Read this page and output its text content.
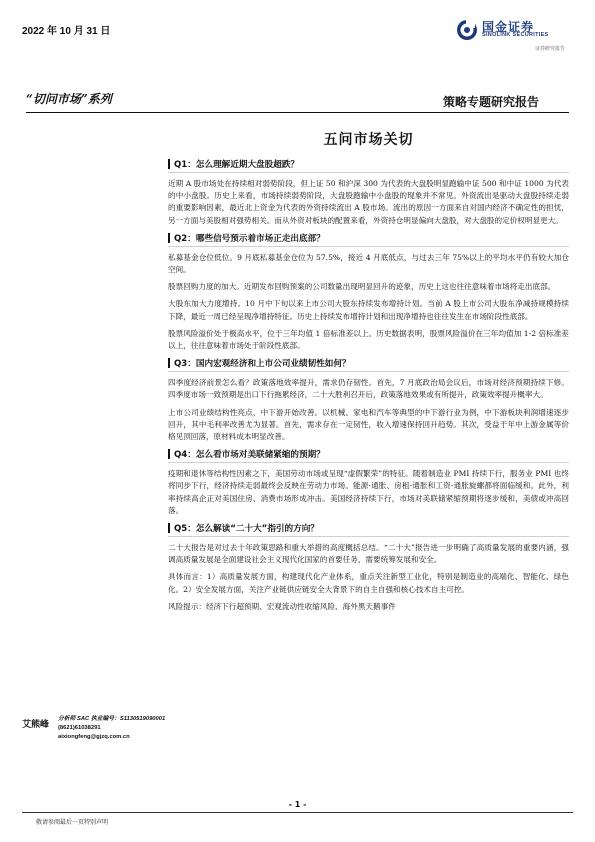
2022 年 10 月 31 日	国金证券
SINOLINK SECURITIES
证券研究报告
“切问市场”系列	策略专题研究报告
五问市场关切
Q1：怎么理解近期大盘股超跌？

近期 A 股市场处在持续相对弱势阶段，但上证 50 和沪深 300 为代表的大盘股明显跑输中证 500 和中证 1000 为代表的中小盘股。历史上来看，市场持续弱势阶段，大盘股跑输中小盘股的现象并不常见。外资流出是驱动大盘股持续走弱的重要影响因素，最近北上资金为代表的外资持续流出 A 股市场。流出的原因一方面来自对国内经济不确定性的担忧，另一方面与美股相对强势相关。而从外资对板块的配置来看，外资持仓明显偏向大盘股，对大盘股的定价权明显更大。

Q2：哪些信号预示着市场正走出底部？

私募基金仓位低位。9 月底私募基金仓位为 57.5%，接近 4 月底低点，与过去三年 75%以上的平均水平仍有较大加仓空间。

股票回购力度的加大。近期发布回购预案的公司数量出现明显回升的迹象，历史上这也往往意味着市场将走出底部。

大股东加大力度增持。10 月中下旬以来上市公司大股东持续发布增持计划。当前 A 股上市公司大股东净减持规模持续下降，最近一周已经呈现净增持特征。历史上持续发布增持计划和出现净增持也往往发生在市场阶段性底部。

股票风险溢价处于极高水平，位于三年均值 1 倍标准差以上。历史数据表明，股票风险溢价在三年均值加 1-2 倍标准差以上，往往意味着市场处于阶段性底部。

Q3：国内宏观经济和上市公司业绩韧性如何？

四季度经济前景怎么看？政策落地效率提升，需求仍存韧性。首先，7 月底政治局会议后，市场对经济预期持续下修。四季度市场一致预期是出口下行拖累经济，二十大胜利召开后，政策落地效果或有所提升，政策效率提升概率大。

上市公司业绩结构性亮点，中下游开始改善。以机械、家电和汽车等典型的中下游行业为例，中下游板块利润增速逐步回升，其中毛利率改善尤为显著。首先，需求存在一定韧性，收入增速保持回升趋势。其次，受益于年中上游金属等价格见顶回落，原材料成本明显改善。

Q4：怎么看市场对美联储紧缩的预期？

疫期和退休等结构性因素之下，美国劳动市场或呈现“虚假繁荣”的特征。随着制造业 PMI 持续下行，服务业 PMI 也终将同步下行，经济持续走弱最终会反映在劳动力市场。能源-通胀、房租-通胀和工资-通胀旋螺都将面临缓和。此外，利率持续高企正对美国住房、消费市场形成冲击。美国经济持续下行，市场对美联储紧缩预期将逐步缓和，美债或冲高回落。

Q5：怎么解读“二十大”指引的方向？

二十大报告是对过去十年政策思路和重大举措的高度概括总结。“二十大”报告进一步明确了高质量发展的重要内涵，强调高质量发展是全面建设社会主义现代化国家的首要任务，需要统筹发展和安全。

具体而言：1）高质量发展方面，构建现代化产业体系，重点关注新型工业化，特别是制造业的高端化、智能化、绿色化。2）安全发展方面，关注产业链供应链安全大背景下的自主自强和核心技术自主可控。

风险提示：经济下行超预期、宏观流动性收缩风险、海外黑天鹅事件

艾熊峰
分析师 SAC 执业编号：S1130519090001
(8621)61038291
aixiongfeng@gjzq.com.cn
- 1 -
敬请参阅最后一页特别声明
